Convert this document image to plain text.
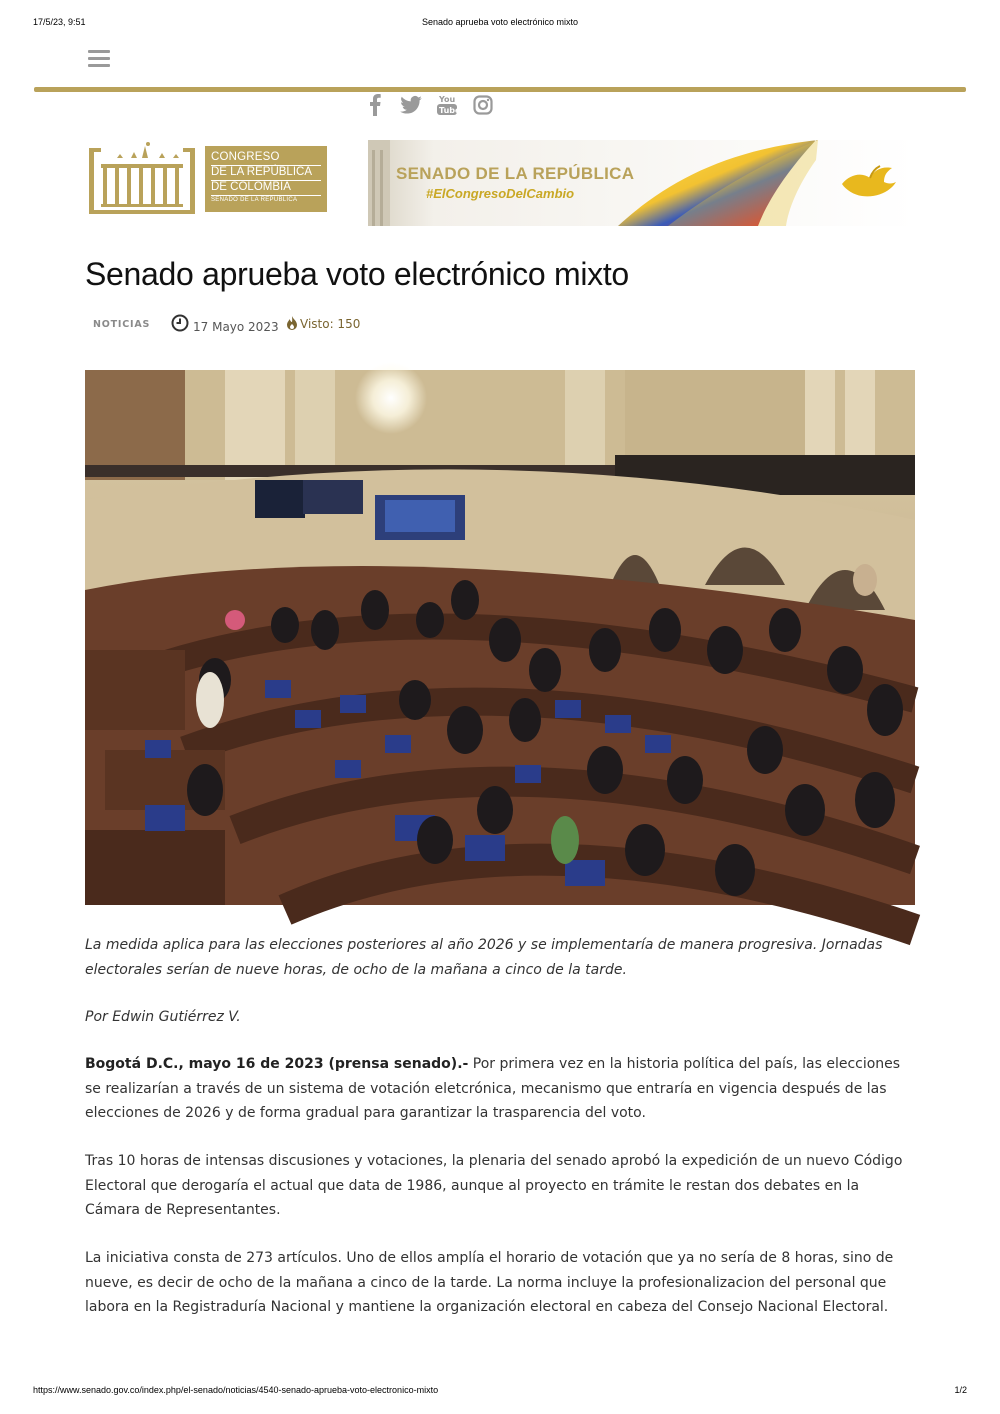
17/5/23, 9:51	Senado aprueba voto electrónico mixto
You
Tube
CONGRESO
DE LA REPÚBLICA
DE COLOMBIA
SENADO DE LA REPÚBLICA
SENADO DE LA REPÚBLICA
#ElCongresoDelCambio
Senado aprueba voto electrónico mixto
NOTICIAS	17 Mayo 2023 Visto: 150

La medida aplica para las elecciones posteriores al año 2026 y se implementaría de manera progresiva. Jornadas electorales serían de nueve horas, de ocho de la mañana a cinco de la tarde.

Por Edwin Gutiérrez V.

Bogotá D.C., mayo 16 de 2023 (prensa senado).- Por primera vez en la historia política del país, las elecciones se realizarían a través de un sistema de votación eletcrónica, mecanismo que entraría en vigencia después de las elecciones de 2026 y de forma gradual para garantizar la trasparencia del voto.

Tras 10 horas de intensas discusiones y votaciones, la plenaria del senado aprobó la expedición de un nuevo Código Electoral que derogaría el actual que data de 1986, aunque al proyecto en trámite le restan dos debates en la Cámara de Representantes.

La iniciativa consta de 273 artículos. Uno de ellos amplía el horario de votación que ya no sería de 8 horas, sino de nueve, es decir de ocho de la mañana a cinco de la tarde. La norma incluye la profesionalizacion del personal que labora en la Registraduría Nacional y mantiene la organización electoral en cabeza del Consejo Nacional Electoral.

https://www.senado.gov.co/index.php/el-senado/noticias/4540-senado-aprueba-voto-electronico-mixto	1/2
